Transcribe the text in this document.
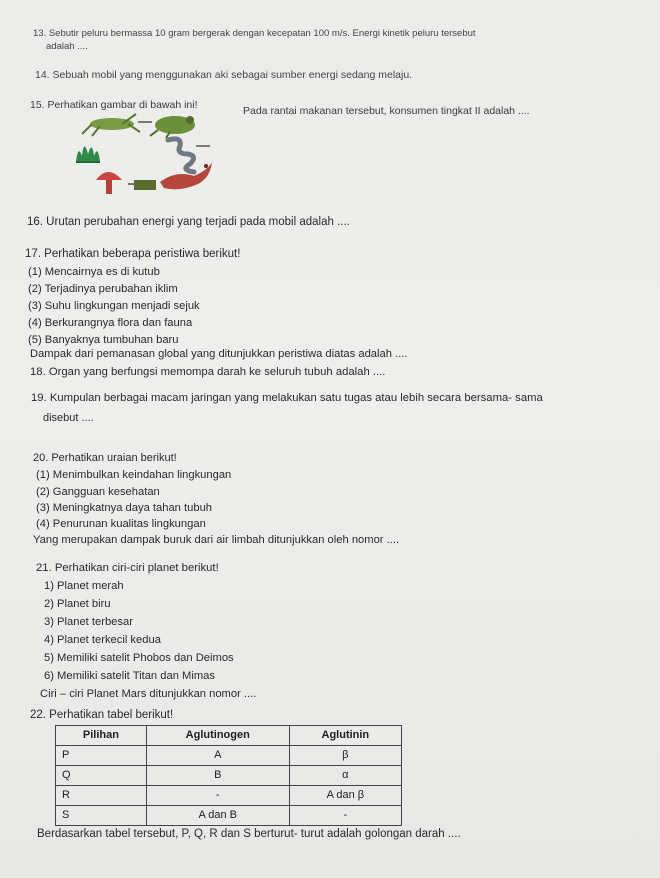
13. Sebutir peluru bermassa 10 gram bergerak dengan kecepatan 100 m/s. Energi kinetik peluru tersebut
adalah ....
14. Sebuah mobil yang menggunakan aki sebagai sumber energi sedang melaju.
15. Perhatikan gambar di bawah ini!	Pada rantai makanan tersebut, konsumen tingkat II adalah ....
16. Urutan perubahan energi yang terjadi pada mobil adalah ....
17. Perhatikan beberapa peristiwa berikut!
(1) Mencairnya es di kutub
(2) Terjadinya perubahan iklim
(3) Suhu lingkungan menjadi sejuk
(4) Berkurangnya flora dan fauna
(5) Banyaknya tumbuhan baru
Dampak dari pemanasan global yang ditunjukkan peristiwa diatas adalah ....
18. Organ yang berfungsi memompa darah ke seluruh tubuh adalah ....
19. Kumpulan berbagai macam jaringan yang melakukan satu tugas atau lebih secara bersama- sama
disebut ....
20. Perhatikan uraian berikut!
(1) Menimbulkan keindahan lingkungan
(2) Gangguan kesehatan
(3) Meningkatnya daya tahan tubuh
(4) Penurunan kualitas lingkungan
Yang merupakan dampak buruk dari air limbah ditunjukkan oleh nomor ....
21. Perhatikan ciri-ciri planet berikut!
1) Planet merah
2) Planet biru
3) Planet terbesar
4) Planet terkecil kedua
5) Memiliki satelit Phobos dan Deimos
6) Memiliki satelit Titan dan Mimas
Ciri – ciri Planet Mars ditunjukkan nomor ....
22. Perhatikan tabel berikut!
Pilihan	Aglutinogen	Aglutinin
P	A	β
Q	B	α
R	-	A dan β
S	A dan B	-
Berdasarkan tabel tersebut, P, Q, R dan S berturut- turut adalah golongan darah ....
